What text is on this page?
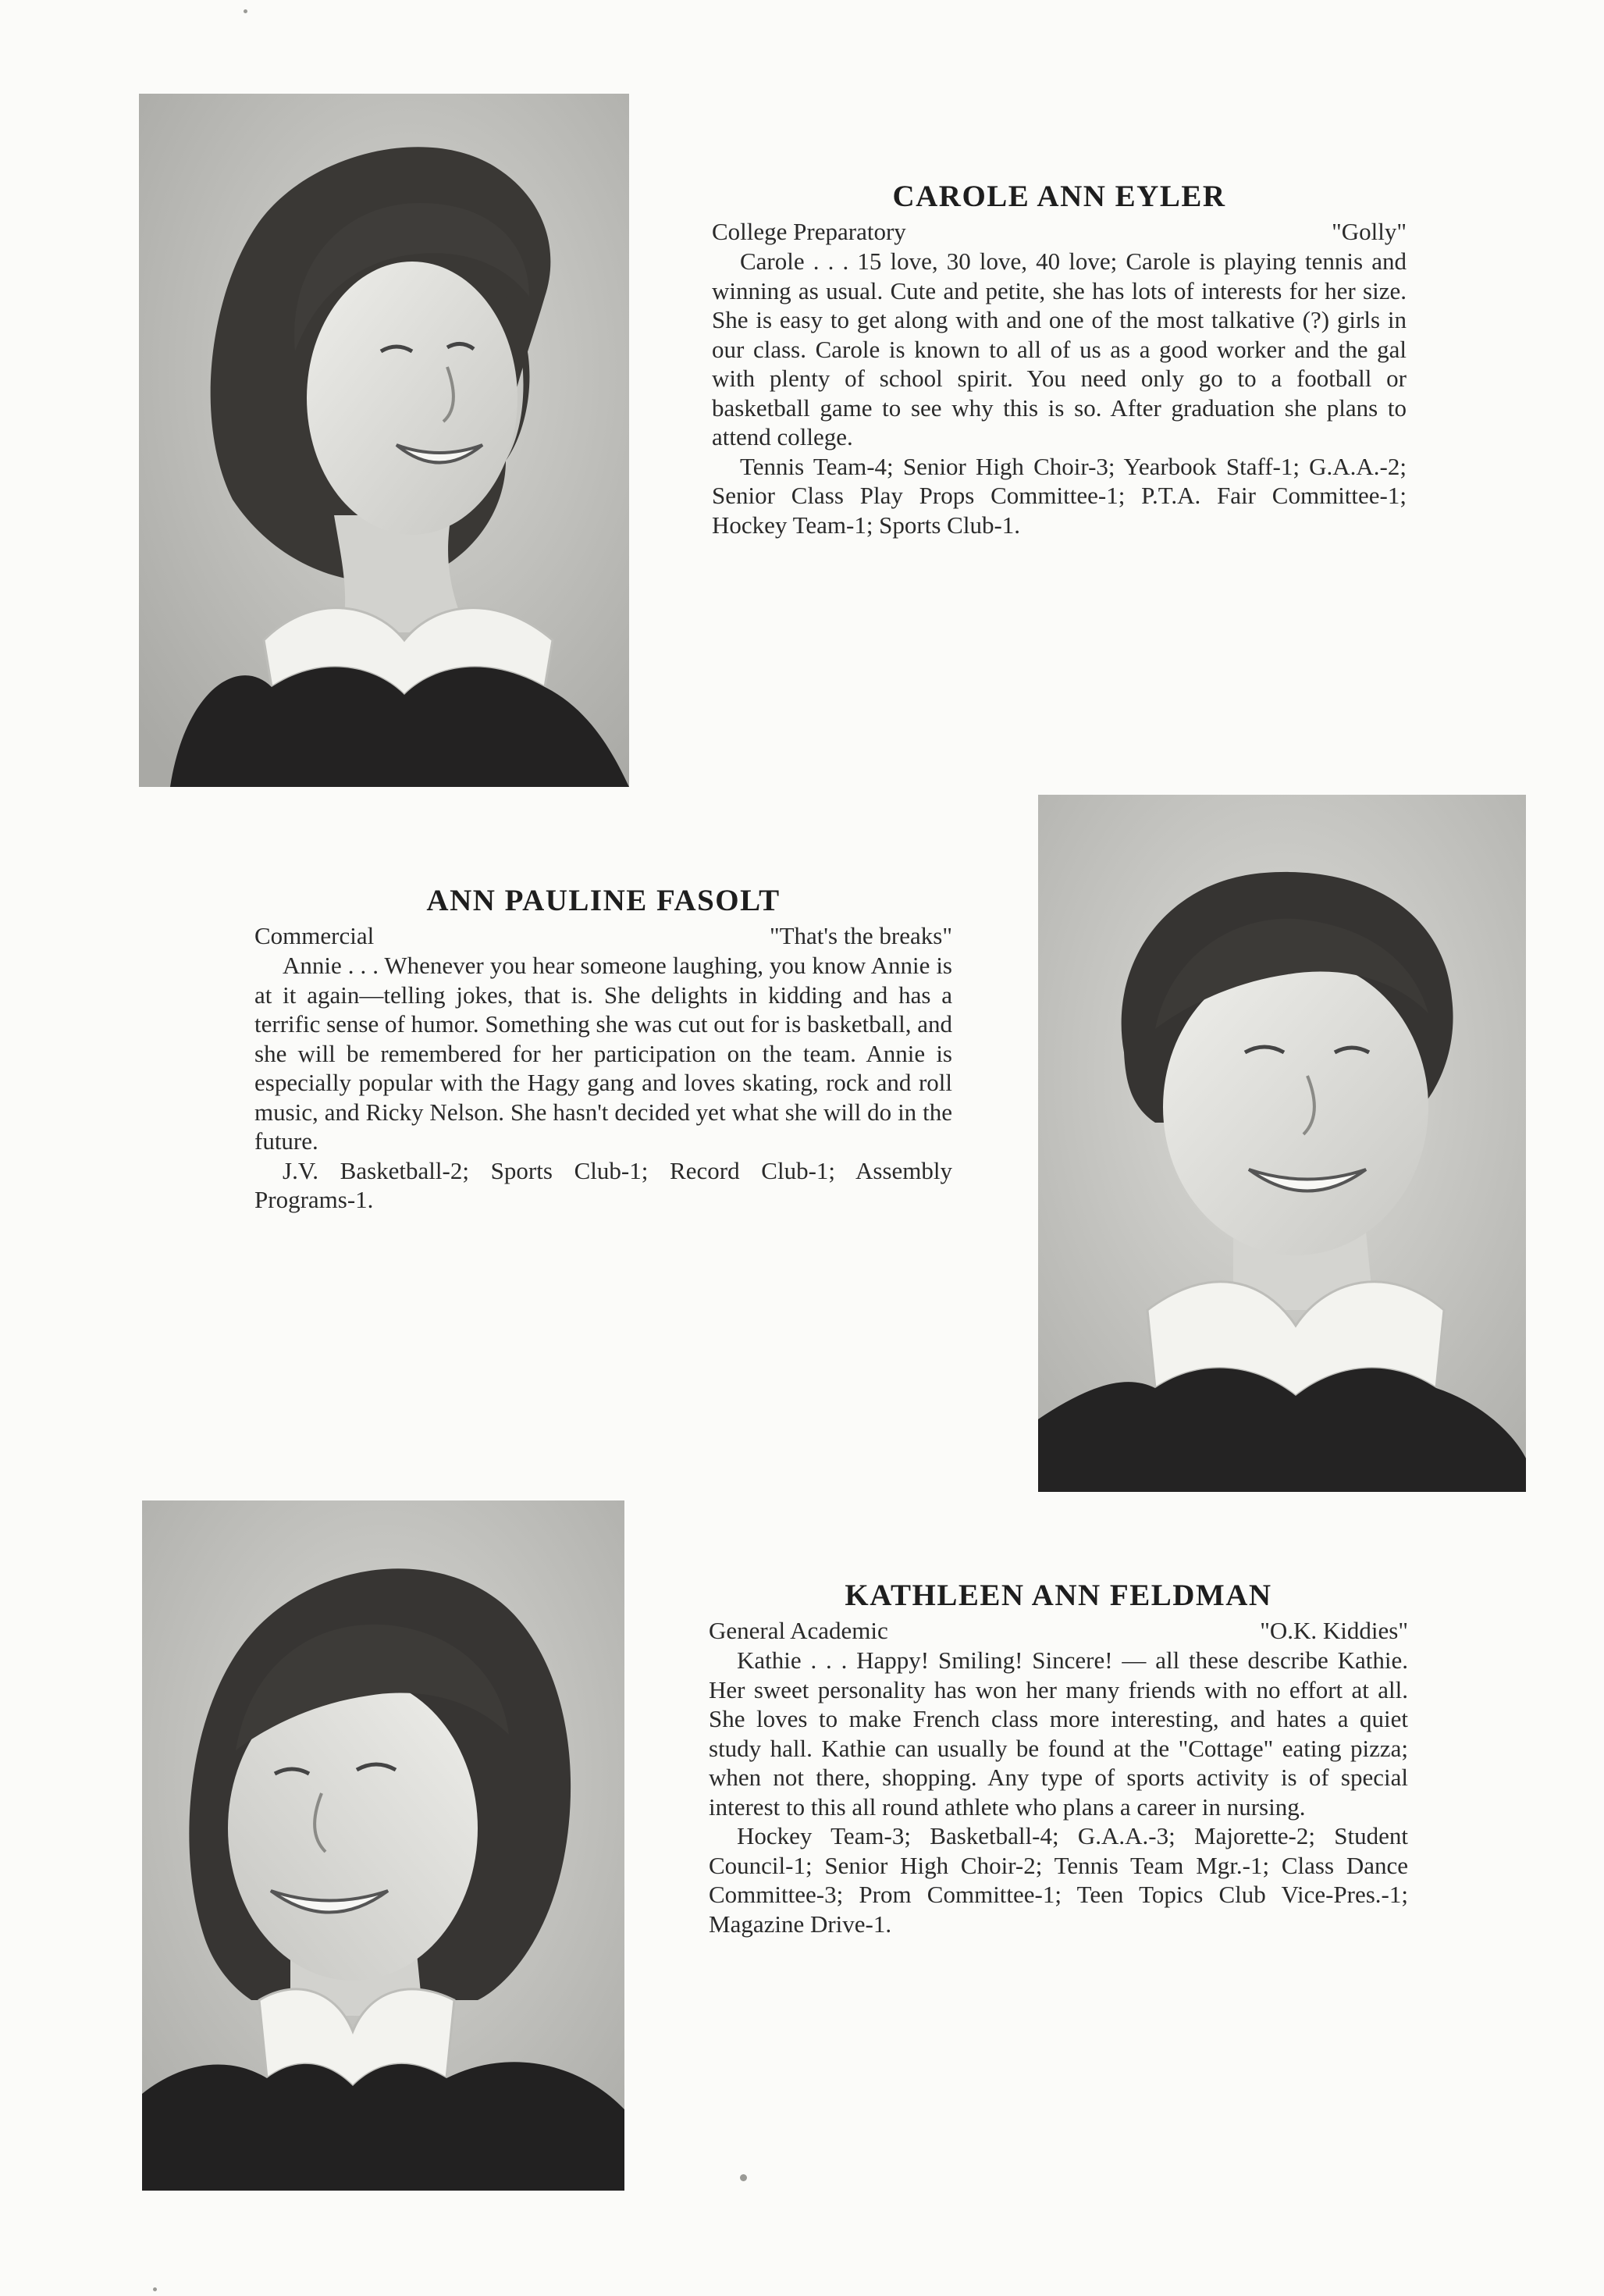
CAROLE ANN EYLER
College Preparatory	"Golly"

Carole . . . 15 love, 30 love, 40 love; Carole is playing tennis and winning as usual. Cute and petite, she has lots of interests for her size. She is easy to get along with and one of the most talkative (?) girls in our class. Carole is known to all of us as a good worker and the gal with plenty of school spirit. You need only go to a football or basketball game to see why this is so. After graduation she plans to attend college.

Tennis Team-4; Senior High Choir-3; Yearbook Staff-1; G.A.A.-2; Senior Class Play Props Committee-1; P.T.A. Fair Committee-1; Hockey Team-1; Sports Club-1.

ANN PAULINE FASOLT
Commercial	"That's the breaks"

Annie . . . Whenever you hear someone laughing, you know Annie is at it again—telling jokes, that is. She delights in kidding and has a terrific sense of humor. Something she was cut out for is basketball, and she will be remembered for her participation on the team. Annie is especially popular with the Hagy gang and loves skating, rock and roll music, and Ricky Nelson. She hasn't decided yet what she will do in the future.

J.V. Basketball-2; Sports Club-1; Record Club-1; Assembly Programs-1.

KATHLEEN ANN FELDMAN
General Academic	"O.K. Kiddies"

Kathie . . . Happy! Smiling! Sincere! — all these describe Kathie. Her sweet personality has won her many friends with no effort at all. She loves to make French class more interesting, and hates a quiet study hall. Kathie can usually be found at the "Cottage" eating pizza; when not there, shopping. Any type of sports activity is of special interest to this all round athlete who plans a career in nursing.

Hockey Team-3; Basketball-4; G.A.A.-3; Majorette-2; Student Council-1; Senior High Choir-2; Tennis Team Mgr.-1; Class Dance Committee-3; Prom Committee-1; Teen Topics Club Vice-Pres.-1; Magazine Drive-1.
